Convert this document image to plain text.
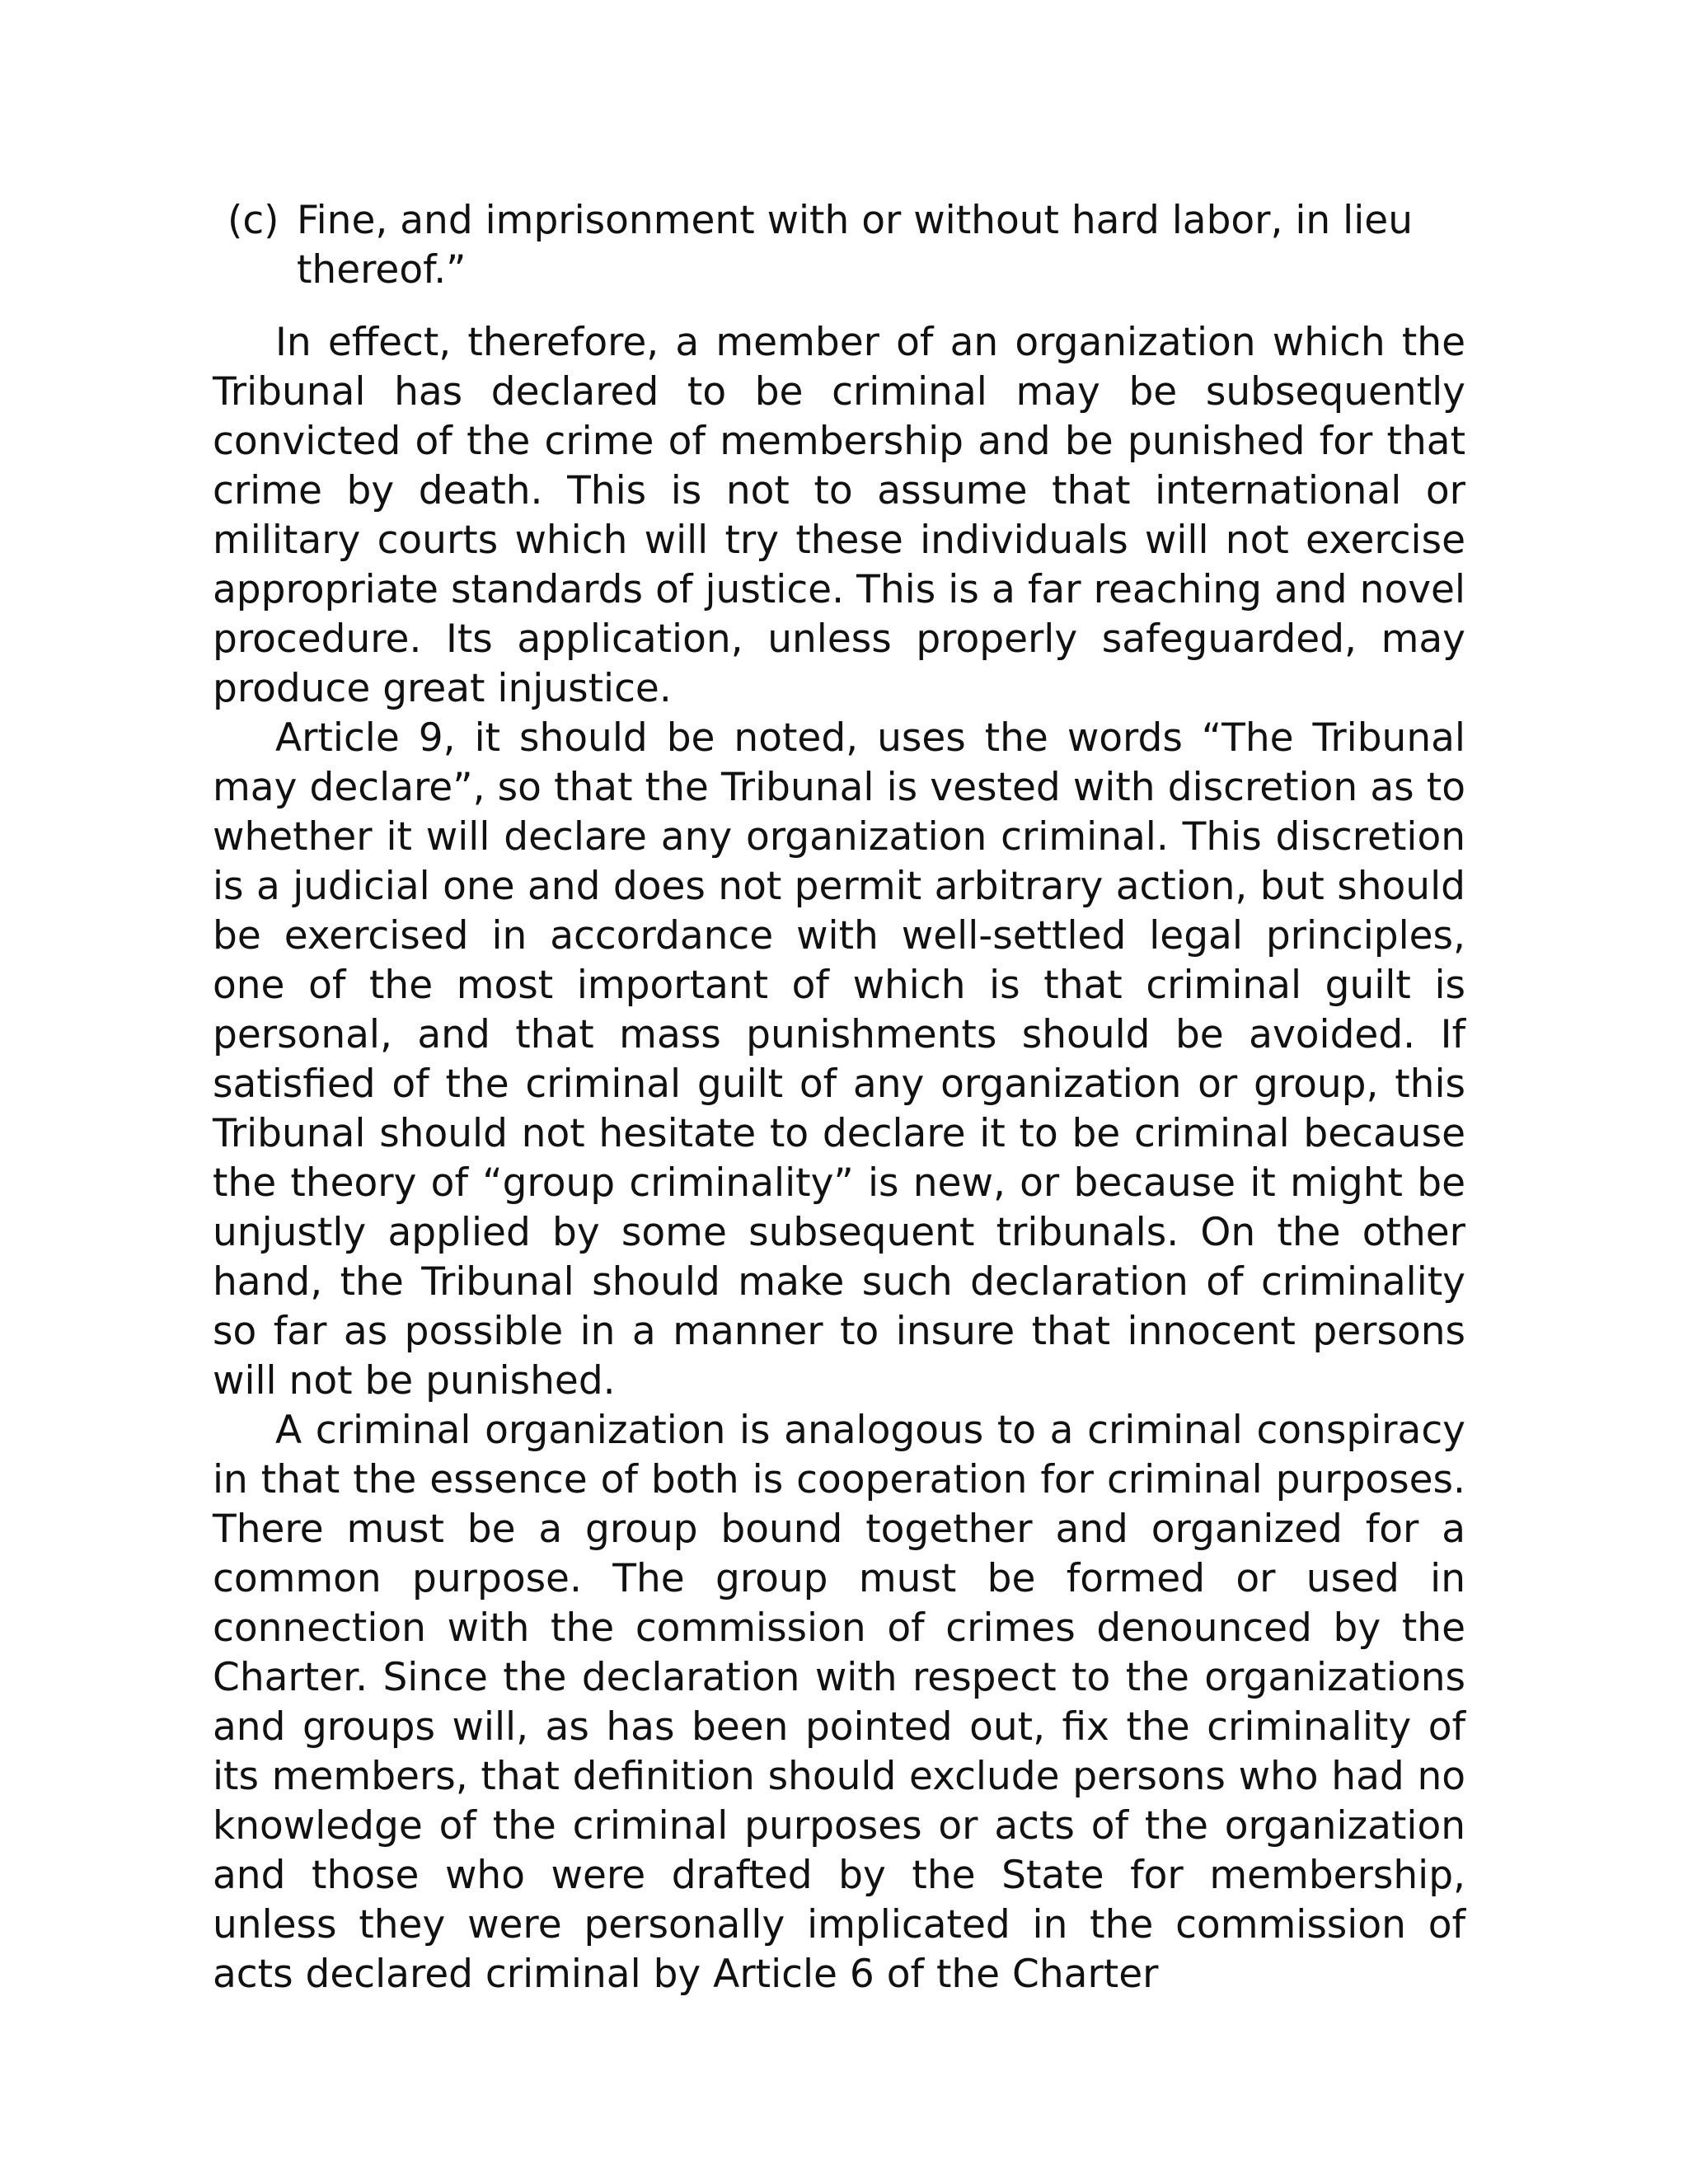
(c) Fine, and imprisonment with or without hard labor, in lieu thereof.”

In effect, therefore, a member of an organization which the Tribunal has declared to be criminal may be subsequently convicted of the crime of membership and be punished for that crime by death. This is not to assume that international or military courts which will try these individuals will not exercise appropriate standards of justice. This is a far reaching and novel procedure. Its application, unless properly safeguarded, may produce great injustice.

Article 9, it should be noted, uses the words “The Tribunal may declare”, so that the Tribunal is vested with discretion as to whether it will declare any organization criminal. This discretion is a judicial one and does not permit arbitrary action, but should be exercised in accordance with well-settled legal principles, one of the most important of which is that criminal guilt is personal, and that mass punishments should be avoided. If satisfied of the criminal guilt of any organization or group, this Tribunal should not hesitate to declare it to be criminal because the theory of “group criminality” is new, or because it might be unjustly applied by some subsequent tribunals. On the other hand, the Tribunal should make such declaration of criminality so far as possible in a manner to insure that innocent persons will not be punished.

A criminal organization is analogous to a criminal conspiracy in that the essence of both is cooperation for criminal purposes. There must be a group bound together and organized for a common purpose. The group must be formed or used in connection with the commission of crimes denounced by the Charter. Since the declaration with respect to the organizations and groups will, as has been pointed out, fix the criminality of its members, that definition should exclude persons who had no knowledge of the criminal purposes or acts of the organization and those who were drafted by the State for membership, unless they were personally implicated in the commission of acts declared criminal by Article 6 of the Charter
